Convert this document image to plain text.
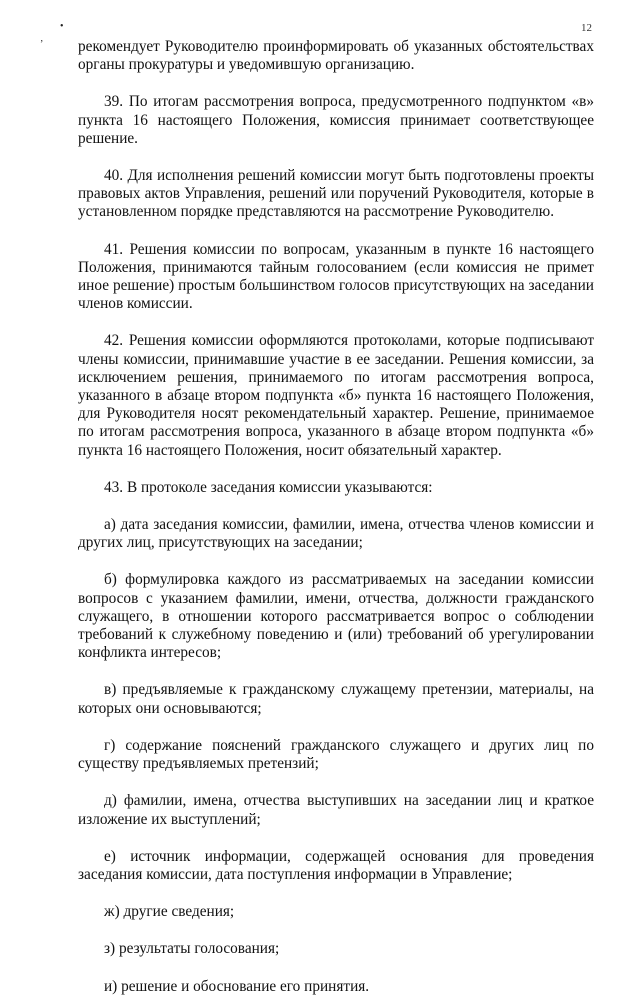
12
•
ʼ рекомендует Руководителю проинформировать об указанных обстоятельствах органы прокуратуры и уведомившую организацию.

39. По итогам рассмотрения вопроса, предусмотренного подпунктом «в» пункта 16 настоящего Положения, комиссия принимает соответствующее решение.

40. Для исполнения решений комиссии могут быть подготовлены проекты правовых актов Управления, решений или поручений Руководителя, которые в установленном порядке представляются на рассмотрение Руководителю.

41. Решения комиссии по вопросам, указанным в пункте 16 настоящего Положения, принимаются тайным голосованием (если комиссия не примет иное решение) простым большинством голосов присутствующих на заседании членов комиссии.

42. Решения комиссии оформляются протоколами, которые подписывают члены комиссии, принимавшие участие в ее заседании. Решения комиссии, за исключением решения, принимаемого по итогам рассмотрения вопроса, указанного в абзаце втором подпункта «б» пункта 16 настоящего Положения, для Руководителя носят рекомендательный характер. Решение, принимаемое по итогам рассмотрения вопроса, указанного в абзаце втором подпункта «б» пункта 16 настоящего Положения, носит обязательный характер.

43. В протоколе заседания комиссии указываются:

а) дата заседания комиссии, фамилии, имена, отчества членов комиссии и других лиц, присутствующих на заседании;

б) формулировка каждого из рассматриваемых на заседании комиссии вопросов с указанием фамилии, имени, отчества, должности гражданского служащего, в отношении которого рассматривается вопрос о соблюдении требований к служебному поведению и (или) требований об урегулировании конфликта интересов;

в) предъявляемые к гражданскому служащему претензии, материалы, на которых они основываются;

г) содержание пояснений гражданского служащего и других лиц по существу предъявляемых претензий;

д) фамилии, имена, отчества выступивших на заседании лиц и краткое изложение их выступлений;

е) источник информации, содержащей основания для проведения заседания комиссии, дата поступления информации в Управление;

ж) другие сведения;

з) результаты голосования;

и) решение и обоснование его принятия.
